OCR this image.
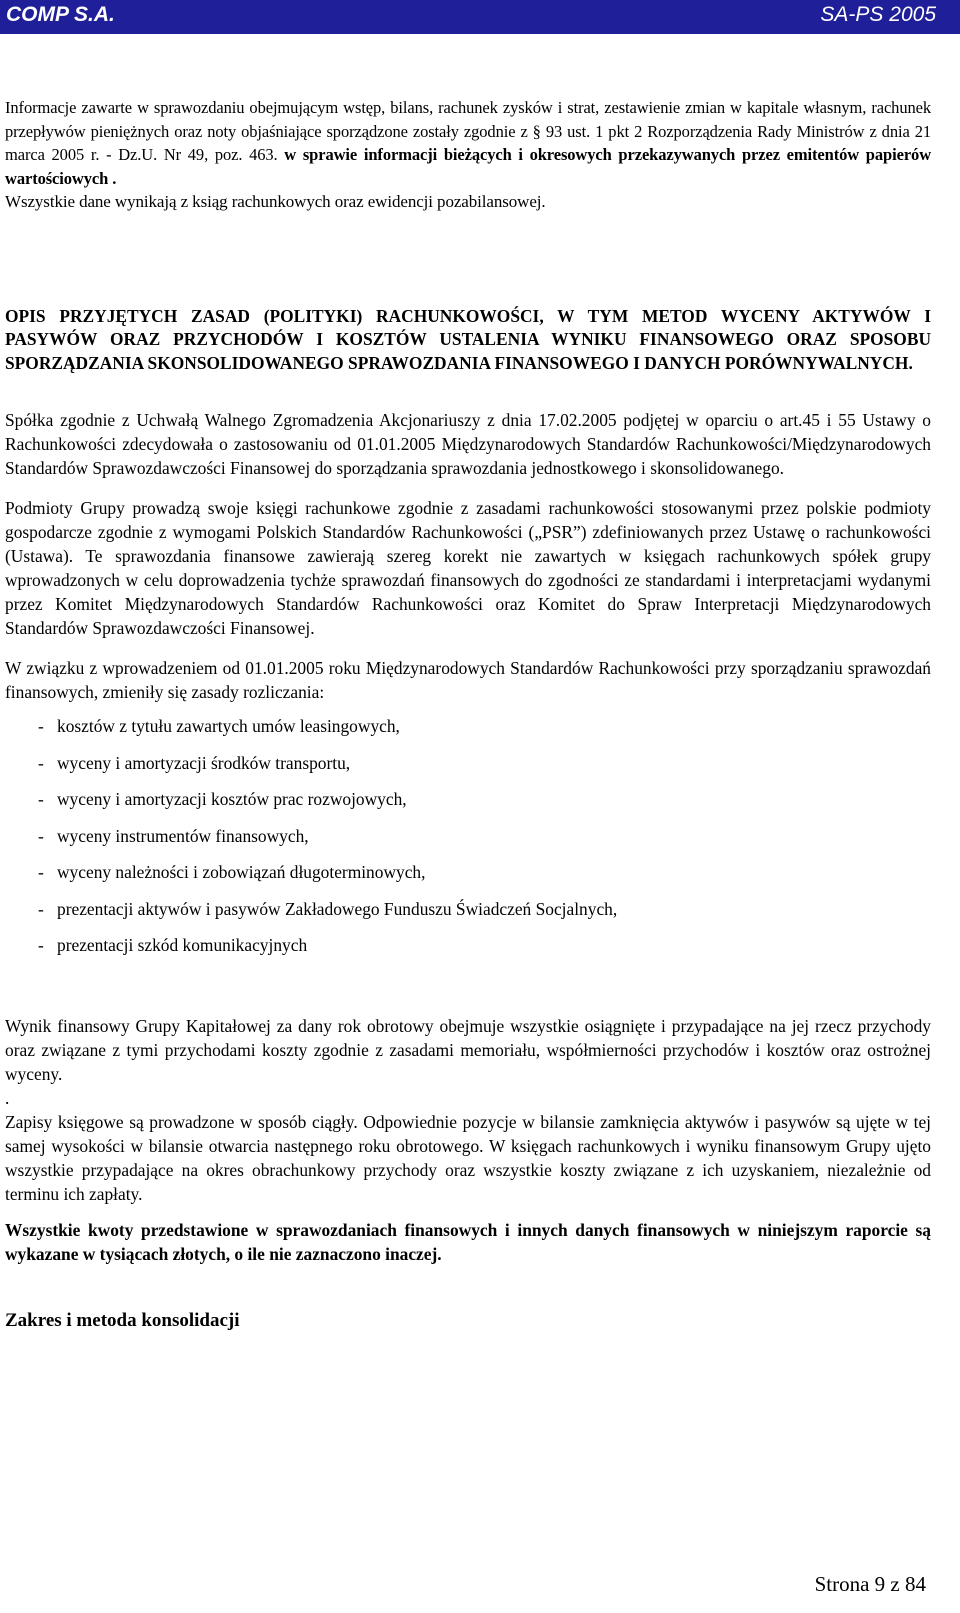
COMP S.A.	SA-PS 2005

Informacje zawarte w sprawozdaniu obejmującym wstęp, bilans, rachunek zysków i strat, zestawienie zmian w kapitale własnym, rachunek przepływów pieniężnych oraz noty objaśniające sporządzone zostały zgodnie z § 93 ust. 1 pkt 2 Rozporządzenia Rady Ministrów z dnia 21 marca 2005 r. - Dz.U. Nr 49, poz. 463. w sprawie informacji bieżących i okresowych przekazywanych przez emitentów papierów wartościowych .

Wszystkie dane wynikają z ksiąg rachunkowych oraz ewidencji pozabilansowej.

OPIS PRZYJĘTYCH ZASAD (POLITYKI) RACHUNKOWOŚCI, W TYM METOD WYCENY AKTYWÓW I PASYWÓW ORAZ PRZYCHODÓW I KOSZTÓW USTALENIA WYNIKU FINANSOWEGO ORAZ SPOSOBU SPORZĄDZANIA SKONSOLIDOWANEGO SPRAWOZDANIA FINANSOWEGO I DANYCH PORÓWNYWALNYCH.

Spółka zgodnie z Uchwałą Walnego Zgromadzenia Akcjonariuszy z dnia 17.02.2005 podjętej w oparciu o art.45 i 55 Ustawy o Rachunkowości zdecydowała o zastosowaniu od 01.01.2005 Międzynarodowych Standardów Rachunkowości/Międzynarodowych Standardów Sprawozdawczości Finansowej do sporządzania sprawozdania jednostkowego i skonsolidowanego.

Podmioty Grupy prowadzą swoje księgi rachunkowe zgodnie z zasadami rachunkowości stosowanymi przez polskie podmioty gospodarcze zgodnie z wymogami Polskich Standardów Rachunkowości („PSR”) zdefiniowanych przez Ustawę o rachunkowości (Ustawa). Te sprawozdania finansowe zawierają szereg korekt nie zawartych w księgach rachunkowych spółek grupy wprowadzonych w celu doprowadzenia tychże sprawozdań finansowych do zgodności ze standardami i interpretacjami wydanymi przez Komitet Międzynarodowych Standardów Rachunkowości oraz Komitet do Spraw Interpretacji Międzynarodowych Standardów Sprawozdawczości Finansowej.

W związku z wprowadzeniem od 01.01.2005 roku Międzynarodowych Standardów Rachunkowości przy sporządzaniu sprawozdań finansowych, zmieniły się zasady rozliczania:

- kosztów z tytułu zawartych umów leasingowych,
- wyceny i amortyzacji środków transportu,
- wyceny i amortyzacji kosztów prac rozwojowych,
- wyceny instrumentów finansowych,
- wyceny należności i zobowiązań długoterminowych,
- prezentacji aktywów i pasywów Zakładowego Funduszu Świadczeń Socjalnych,
- prezentacji szkód komunikacyjnych

Wynik finansowy Grupy Kapitałowej za dany rok obrotowy obejmuje wszystkie osiągnięte i przypadające na jej rzecz przychody oraz związane z tymi przychodami koszty zgodnie z zasadami memoriału, współmierności przychodów i kosztów oraz ostrożnej wyceny.

.

Zapisy księgowe są prowadzone w sposób ciągły. Odpowiednie pozycje w bilansie zamknięcia aktywów i pasywów są ujęte w tej samej wysokości w bilansie otwarcia następnego roku obrotowego. W księgach rachunkowych i wyniku finansowym Grupy ujęto wszystkie przypadające na okres obrachunkowy przychody oraz wszystkie koszty związane z ich uzyskaniem, niezależnie od terminu ich zapłaty.

Wszystkie kwoty przedstawione w sprawozdaniach finansowych i innych danych finansowych w niniejszym raporcie są wykazane w tysiącach złotych, o ile nie zaznaczono inaczej.

Zakres i metoda konsolidacji
Strona 9 z 84
